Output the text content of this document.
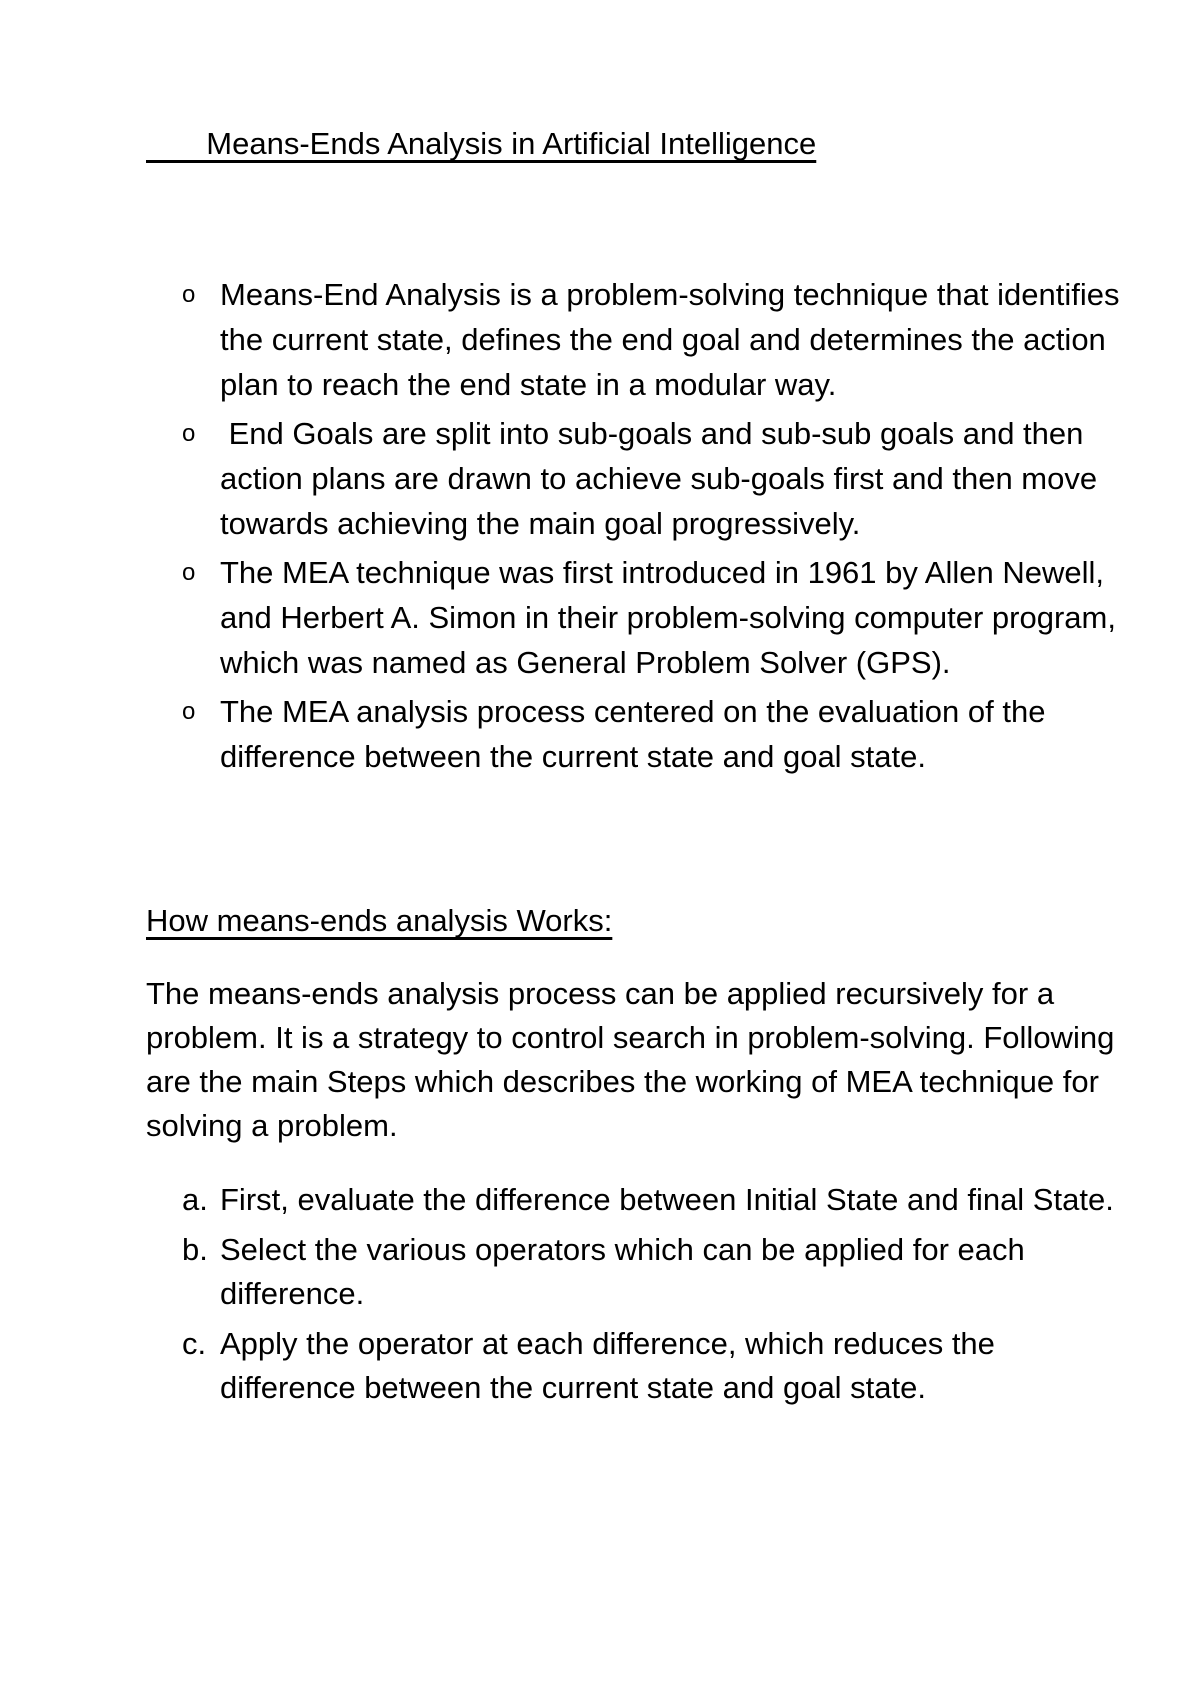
Means-Ends Analysis in Artificial Intelligence
o Means-End Analysis is a problem-solving technique that identifies the current state, defines the end goal and determines the action plan to reach the end state in a modular way.
o End Goals are split into sub-goals and sub-sub goals and then action plans are drawn to achieve sub-goals first and then move towards achieving the main goal progressively.
o The MEA technique was first introduced in 1961 by Allen Newell, and Herbert A. Simon in their problem-solving computer program, which was named as General Problem Solver (GPS).
o The MEA analysis process centered on the evaluation of the difference between the current state and goal state.
How means-ends analysis Works:

The means-ends analysis process can be applied recursively for a problem. It is a strategy to control search in problem-solving. Following are the main Steps which describes the working of MEA technique for solving a problem.

a. First, evaluate the difference between Initial State and final State.
b. Select the various operators which can be applied for each difference.
c. Apply the operator at each difference, which reduces the difference between the current state and goal state.
